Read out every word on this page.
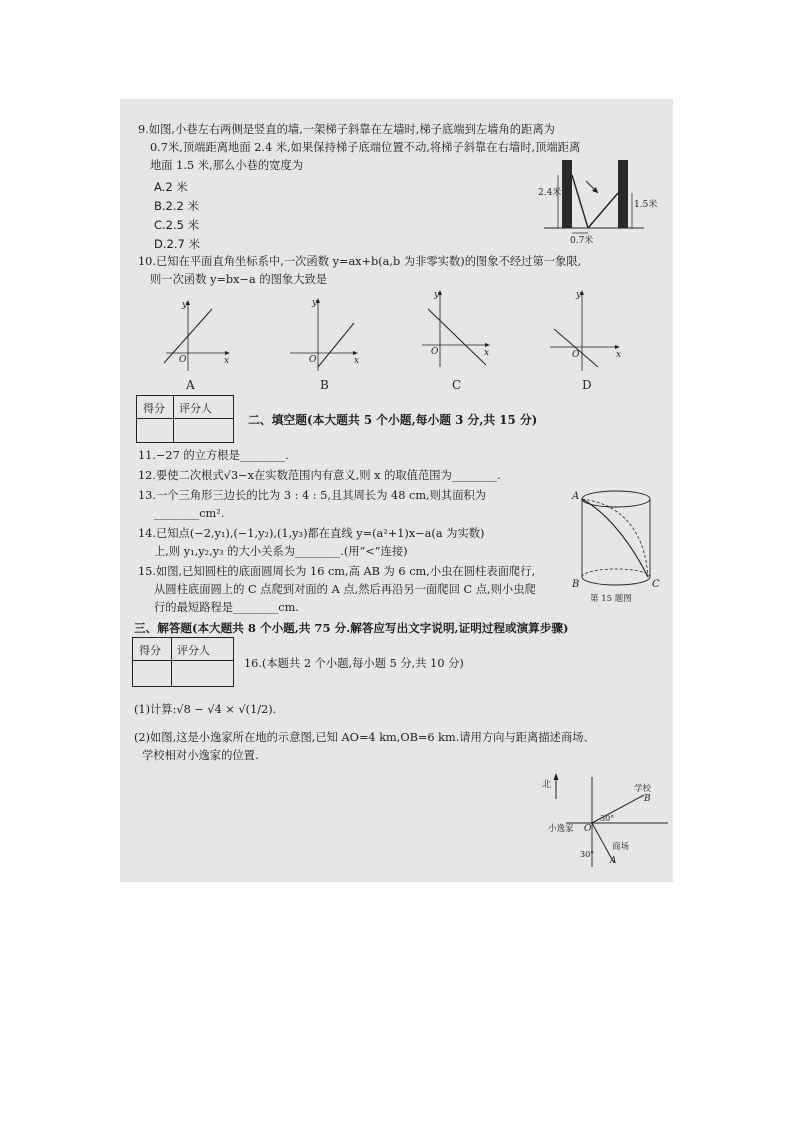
9.如图,小巷左右两侧是竖直的墙,一架梯子斜靠在左墙时,梯子底端到左墙角的距离为
0.7米,顶端距离地面 2.4 米,如果保持梯子底端位置不动,将梯子斜靠在右墙时,顶端距离
地面 1.5 米,那么小巷的宽度为
A.2 米
B.2.2 米
C.2.5 米
D.2.7 米
2.4米
1.5米
0.7米
10.已知在平面直角坐标系中,一次函数 y=ax+b(a,b 为非零实数)的图象不经过第一象限,
则一次函数 y=bx−a 的图象大致是
y
x
O
A
y
x
O
B
y
x
O
C
y
x
O
D
得分 评分人
二、填空题(本大题共 5 个小题,每小题 3 分,共 15 分)
11.−27 的立方根是________.
12.要使二次根式√3−x在实数范围内有意义,则 x 的取值范围为________.
13.一个三角形三边长的比为 3 : 4 : 5,且其周长为 48 cm,则其面积为
________cm².
14.已知点(−2,y₁),(−1,y₂),(1,y₃)都在直线 y=(a²+1)x−a(a 为实数)
上,则 y₁,y₂,y₃ 的大小关系为________.(用“<”连接)
15.如图,已知圆柱的底面圆周长为 16 cm,高 AB 为 6 cm,小虫在圆柱表面爬行,
从圆柱底面圆上的 C 点爬到对面的 A 点,然后再沿另一面爬回 C 点,则小虫爬
行的最短路程是________cm.
A
B	C
第 15 题图
三、解答题(本大题共 8 个小题,共 75 分.解答应写出文字说明,证明过程或演算步骤)
得分 评分人
16.(本题共 2 个小题,每小题 5 分,共 10 分)
(1)计算:√8 − √4 × √(1/2).
(2)如图,这是小逸家所在地的示意图,已知 AO=4 km,OB=6 km.请用方向与距离描述商场、
学校相对小逸家的位置.
北	学校
B
30°
小逸家 O
商场
30°
A
